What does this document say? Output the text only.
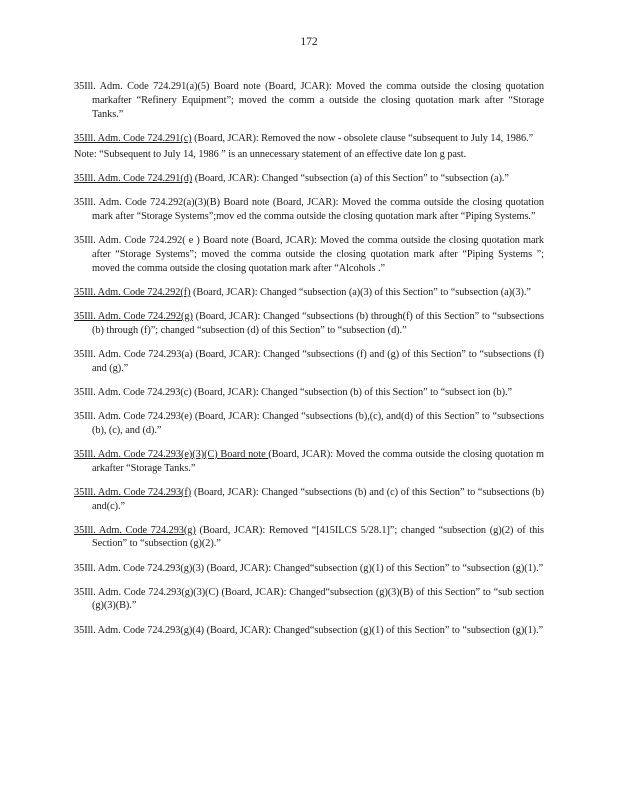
172

35Ill. Adm. Code 724.291(a)(5) Board note (Board, JCAR): Moved the comma outside the closing quotation markafter “Refinery Equipment”; moved the comm a outside the closing quotation mark after “Storage Tanks.”

35Ill. Adm. Code 724.291(c) (Board, JCAR): Removed the now - obsolete clause “subsequent to July 14, 1986.”

Note: “Subsequent to July 14, 1986 ” is an unnecessary statement of an effective date lon g past.

35Ill. Adm. Code 724.291(d) (Board, JCAR): Changed “subsection (a) of this Section” to “subsection (a).”

35Ill. Adm. Code 724.292(a)(3)(B) Board note (Board, JCAR): Moved the comma outside the closing quotation mark after “Storage Systems”;mov ed the comma outside the closing quotation mark after “Piping Systems.”

35Ill. Adm. Code 724.292( e ) Board note (Board, JCAR): Moved the comma outside the closing quotation mark after “Storage Systems”; moved the comma outside the closing quotation mark after “Piping Systems ”; moved the comma outside the closing quotation mark after “Alcohols .”

35Ill. Adm. Code 724.292(f) (Board, JCAR): Changed “subsection (a)(3) of this Section” to “subsection (a)(3).”

35Ill. Adm. Code 724.292(g) (Board, JCAR): Changed “subsections (b) through(f) of this Section” to “subsections (b) through (f)”; changed “subsection (d) of this Section” to “subsection (d).”

35Ill. Adm. Code 724.293(a) (Board, JCAR): Changed “subsections (f) and (g) of this Section” to “subsections (f) and (g).”

35Ill. Adm. Code 724.293(c) (Board, JCAR): Changed “subsection (b) of this Section” to “subsect ion (b).”

35Ill. Adm. Code 724.293(e) (Board, JCAR): Changed “subsections (b),(c), and(d) of this Section” to “subsections (b), (c), and (d).”

35Ill. Adm. Code 724.293(e)(3)(C) Board note (Board, JCAR): Moved the comma outside the closing quotation m arkafter “Storage Tanks.”

35Ill. Adm. Code 724.293(f) (Board, JCAR): Changed “subsections (b) and (c) of this Section” to “subsections (b) and(c).”

35Ill. Adm. Code 724.293(g) (Board, JCAR): Removed “[415ILCS 5/28.1]”; changed “subsection (g)(2) of this Section” to “subsection (g)(2).”

35Ill. Adm. Code 724.293(g)(3) (Board, JCAR): Changed“subsection (g)(1) of this Section” to “subsection (g)(1).”

35Ill. Adm. Code 724.293(g)(3)(C) (Board, JCAR): Changed“subsection (g)(3)(B) of this Section” to “sub section (g)(3)(B).”

35Ill. Adm. Code 724.293(g)(4) (Board, JCAR): Changed“subsection (g)(1) of this Section” to “subsection (g)(1).”
